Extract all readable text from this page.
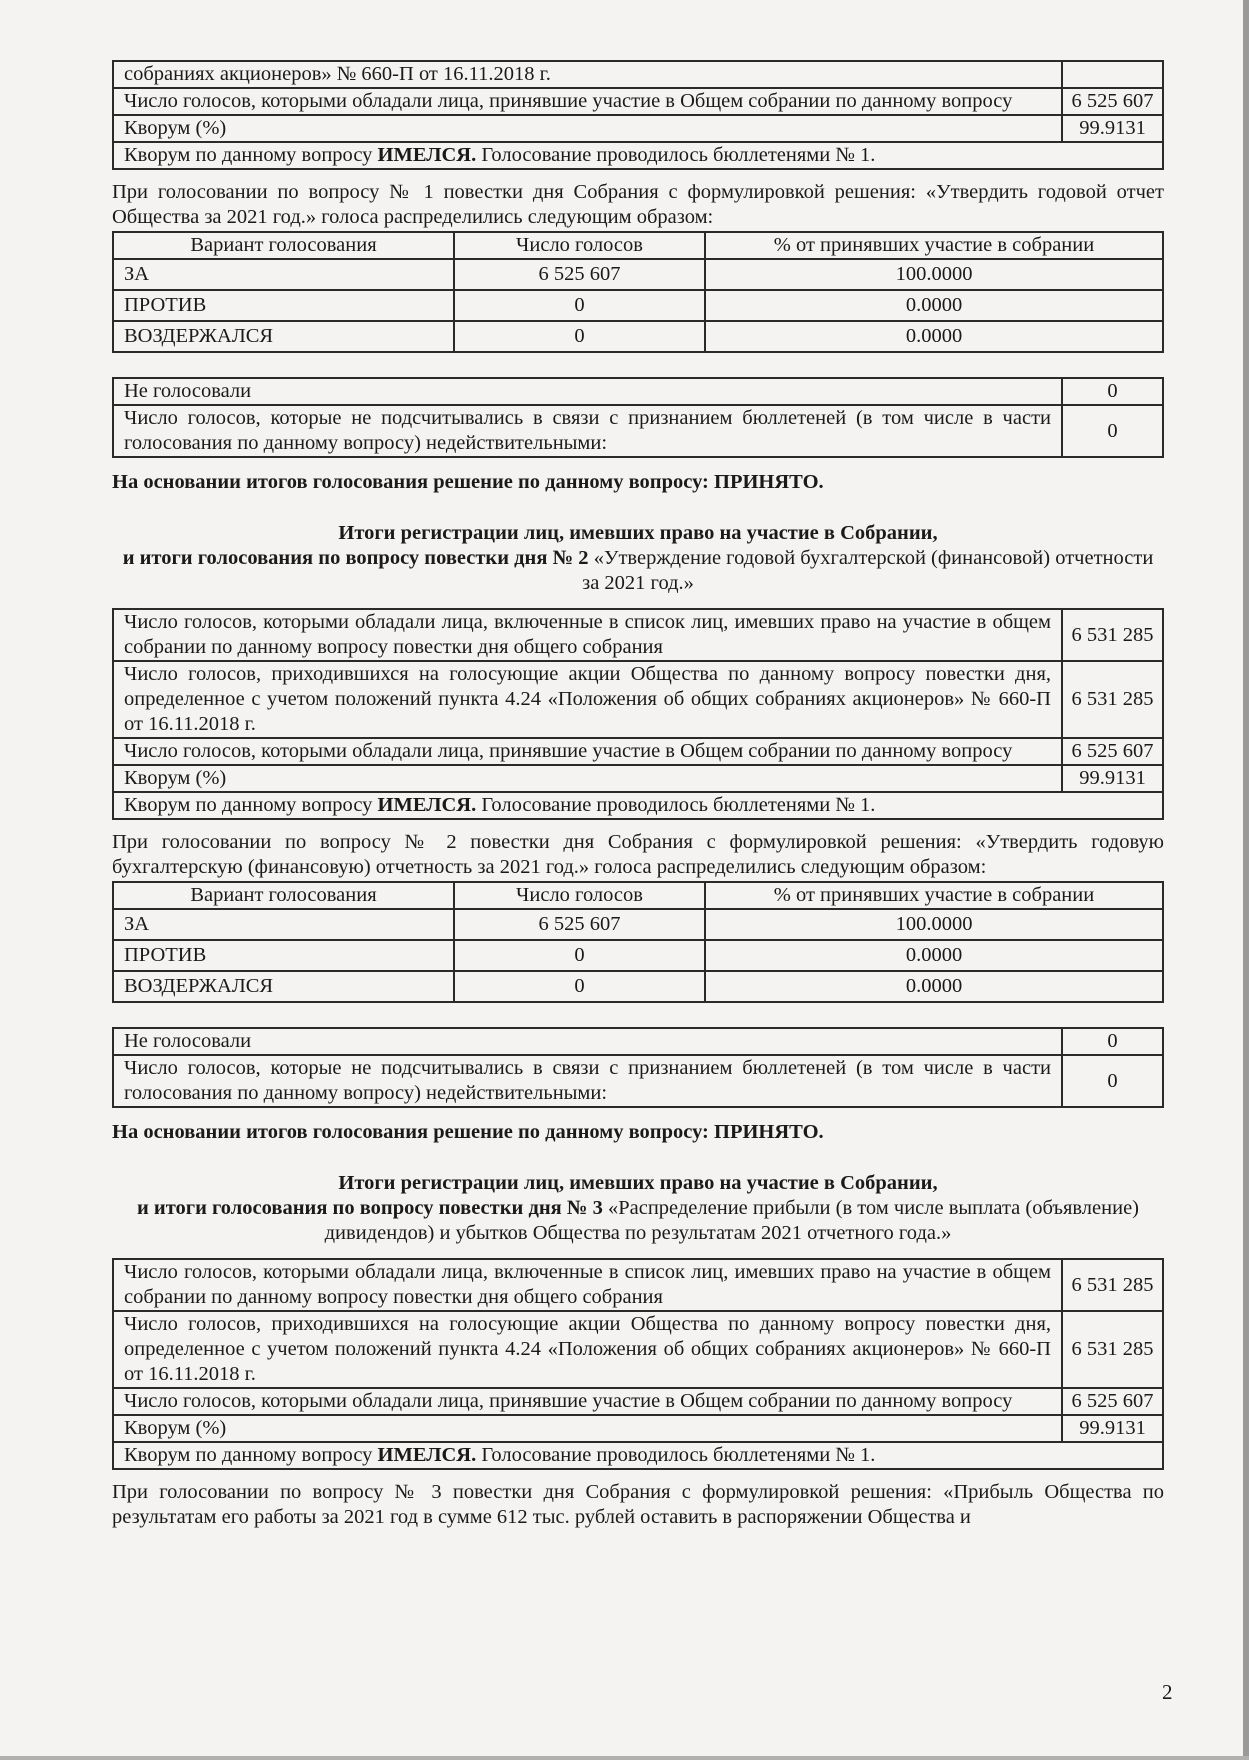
собраниях акционеров» № 660-П от 16.11.2018 г.	
Число голосов, которыми обладали лица, принявшие участие в Общем собрании по данному вопросу	6 525 607
Кворум (%)	99.9131
Кворум по данному вопросу ИМЕЛСЯ. Голосование проводилось бюллетенями № 1.	
При голосовании по вопросу № 1 повестки дня Собрания с формулировкой решения: «Утвердить годовой отчет Общества за 2021 год.» голоса распределились следующим образом:
Вариант голосования	Число голосов	% от принявших участие в собрании
ЗА	6 525 607	100.0000
ПРОТИВ	0	0.0000
ВОЗДЕРЖАЛСЯ	0	0.0000
Не голосовали	0
Число голосов, которые не подсчитывались в связи с признанием бюллетеней (в том числе в части голосования по данному вопросу) недействительными:	0
На основании итогов голосования решение по данному вопросу: ПРИНЯТО.
Итоги регистрации лиц, имевших право на участие в Собрании,
и итоги голосования по вопросу повестки дня № 2 «Утверждение годовой бухгалтерской (финансовой) отчетности за 2021 год.»
Число голосов, которыми обладали лица, включенные в список лиц, имевших право на участие в общем собрании по данному вопросу повестки дня общего собрания	6 531 285
Число голосов, приходившихся на голосующие акции Общества по данному вопросу повестки дня, определенное с учетом положений пункта 4.24 «Положения об общих собраниях акционеров» № 660-П от 16.11.2018 г.	6 531 285
Число голосов, которыми обладали лица, принявшие участие в Общем собрании по данному вопросу	6 525 607
Кворум (%)	99.9131
Кворум по данному вопросу ИМЕЛСЯ. Голосование проводилось бюллетенями № 1.	
При голосовании по вопросу № 2 повестки дня Собрания с формулировкой решения: «Утвердить годовую бухгалтерскую (финансовую) отчетность за 2021 год.» голоса распределились следующим образом:
Вариант голосования	Число голосов	% от принявших участие в собрании
ЗА	6 525 607	100.0000
ПРОТИВ	0	0.0000
ВОЗДЕРЖАЛСЯ	0	0.0000
Не голосовали	0
Число голосов, которые не подсчитывались в связи с признанием бюллетеней (в том числе в части голосования по данному вопросу) недействительными:	0
На основании итогов голосования решение по данному вопросу: ПРИНЯТО.
Итоги регистрации лиц, имевших право на участие в Собрании,
и итоги голосования по вопросу повестки дня № 3 «Распределение прибыли (в том числе выплата (объявление) дивидендов) и убытков Общества по результатам 2021 отчетного года.»
Число голосов, которыми обладали лица, включенные в список лиц, имевших право на участие в общем собрании по данному вопросу повестки дня общего собрания	6 531 285
Число голосов, приходившихся на голосующие акции Общества по данному вопросу повестки дня, определенное с учетом положений пункта 4.24 «Положения об общих собраниях акционеров» № 660-П от 16.11.2018 г.	6 531 285
Число голосов, которыми обладали лица, принявшие участие в Общем собрании по данному вопросу	6 525 607
Кворум (%)	99.9131
Кворум по данному вопросу ИМЕЛСЯ. Голосование проводилось бюллетенями № 1.	
При голосовании по вопросу № 3 повестки дня Собрания с формулировкой решения: «Прибыль Общества по результатам его работы за 2021 год в сумме 612 тыс. рублей оставить в распоряжении Общества и
2
